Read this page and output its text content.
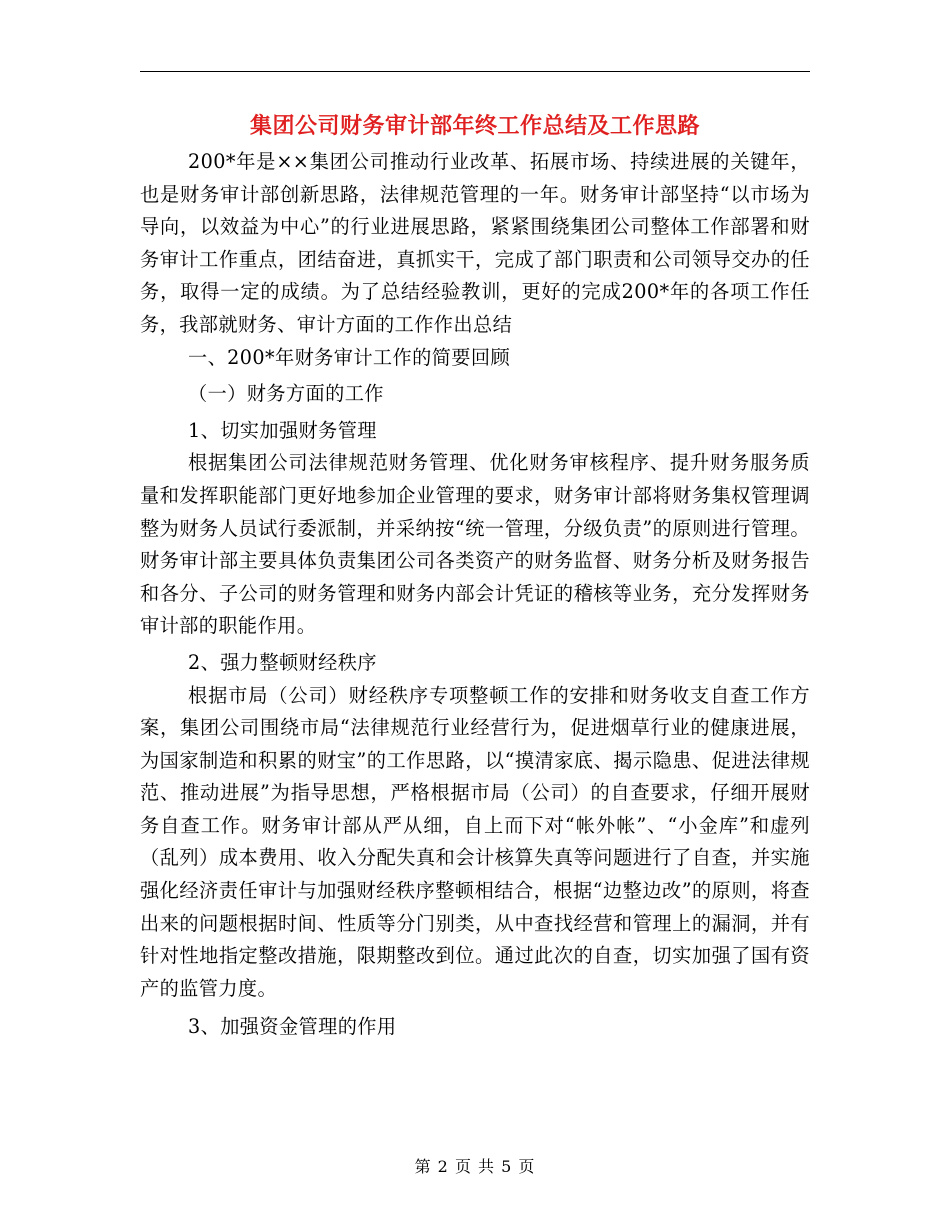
集团公司财务审计部年终工作总结及工作思路

200*年是××集团公司推动行业改革、拓展市场、持续进展的关键年，也是财务审计部创新思路，法律规范管理的一年。财务审计部坚持“以市场为导向，以效益为中心”的行业进展思路，紧紧围绕集团公司整体工作部署和财务审计工作重点，团结奋进，真抓实干，完成了部门职责和公司领导交办的任务，取得一定的成绩。为了总结经验教训，更好的完成200*年的各项工作任务，我部就财务、审计方面的工作作出总结

一、200*年财务审计工作的简要回顾

（一）财务方面的工作

1、切实加强财务管理

根据集团公司法律规范财务管理、优化财务审核程序、提升财务服务质量和发挥职能部门更好地参加企业管理的要求，财务审计部将财务集权管理调整为财务人员试行委派制，并采纳按“统一管理，分级负责”的原则进行管理。财务审计部主要具体负责集团公司各类资产的财务监督、财务分析及财务报告和各分、子公司的财务管理和财务内部会计凭证的稽核等业务，充分发挥财务审计部的职能作用。

2、强力整顿财经秩序

根据市局（公司）财经秩序专项整顿工作的安排和财务收支自查工作方案，集团公司围绕市局“法律规范行业经营行为，促进烟草行业的健康进展，为国家制造和积累的财宝”的工作思路，以“摸清家底、揭示隐患、促进法律规范、推动进展”为指导思想，严格根据市局（公司）的自查要求，仔细开展财务自查工作。财务审计部从严从细，自上而下对“帐外帐”、“小金库”和虚列（乱列）成本费用、收入分配失真和会计核算失真等问题进行了自查，并实施强化经济责任审计与加强财经秩序整顿相结合，根据“边整边改”的原则，将查出来的问题根据时间、性质等分门别类，从中查找经营和管理上的漏洞，并有针对性地指定整改措施，限期整改到位。通过此次的自查，切实加强了国有资产的监管力度。

3、加强资金管理的作用

第 2 页 共 5 页
